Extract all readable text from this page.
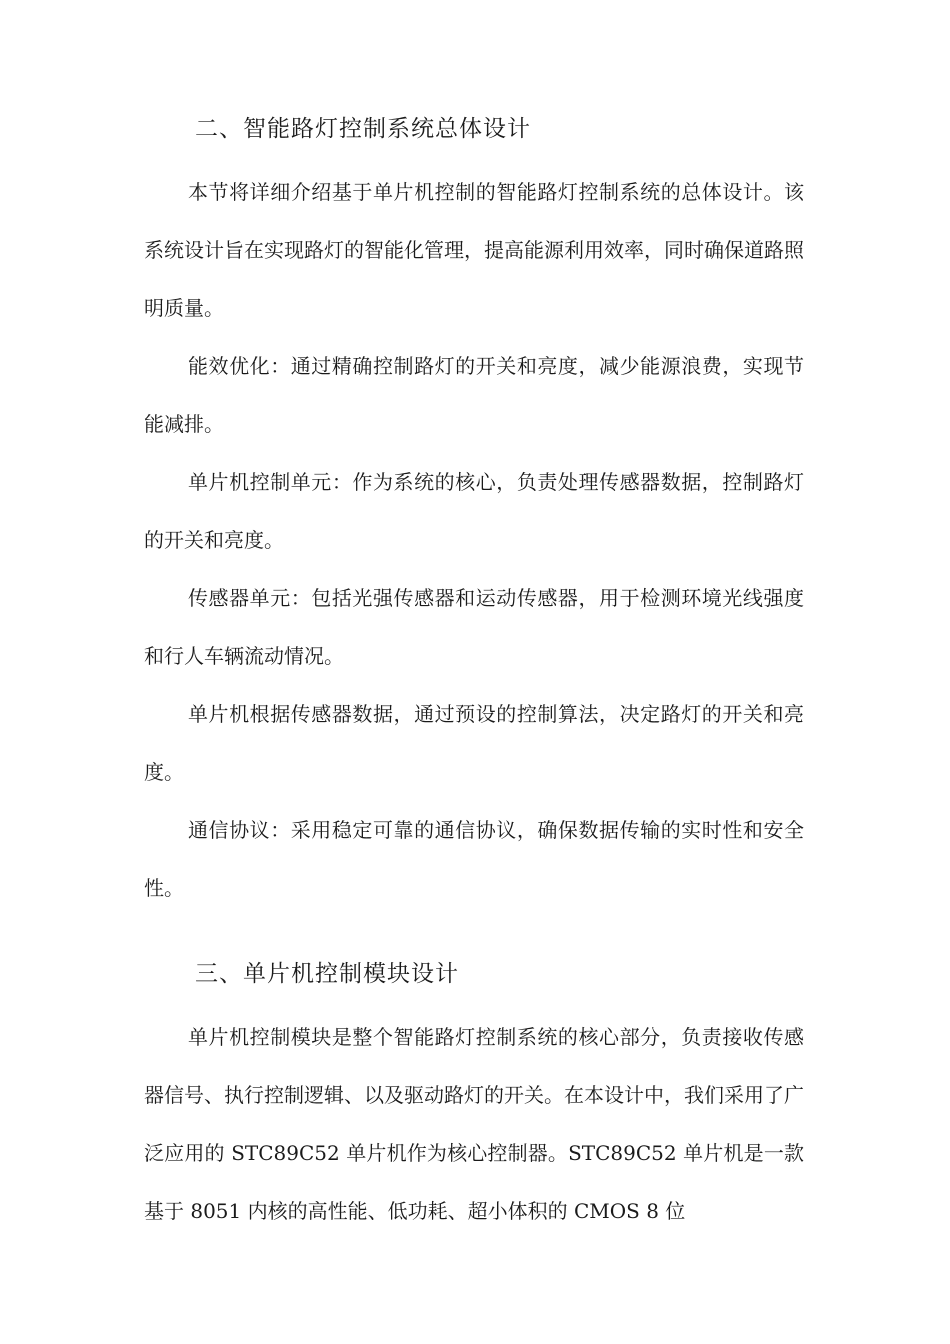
二、智能路灯控制系统总体设计

本节将详细介绍基于单片机控制的智能路灯控制系统的总体设计。该系统设计旨在实现路灯的智能化管理，提高能源利用效率，同时确保道路照明质量。

能效优化：通过精确控制路灯的开关和亮度，减少能源浪费，实现节能减排。

单片机控制单元：作为系统的核心，负责处理传感器数据，控制路灯的开关和亮度。

传感器单元：包括光强传感器和运动传感器，用于检测环境光线强度和行人车辆流动情况。

单片机根据传感器数据，通过预设的控制算法，决定路灯的开关和亮度。

通信协议：采用稳定可靠的通信协议，确保数据传输的实时性和安全性。

三、单片机控制模块设计

单片机控制模块是整个智能路灯控制系统的核心部分，负责接收传感器信号、执行控制逻辑、以及驱动路灯的开关。在本设计中，我们采用了广泛应用的 STC89C52 单片机作为核心控制器。STC89C52 单片机是一款基于 8051 内核的高性能、低功耗、超小体积的 CMOS 8 位
